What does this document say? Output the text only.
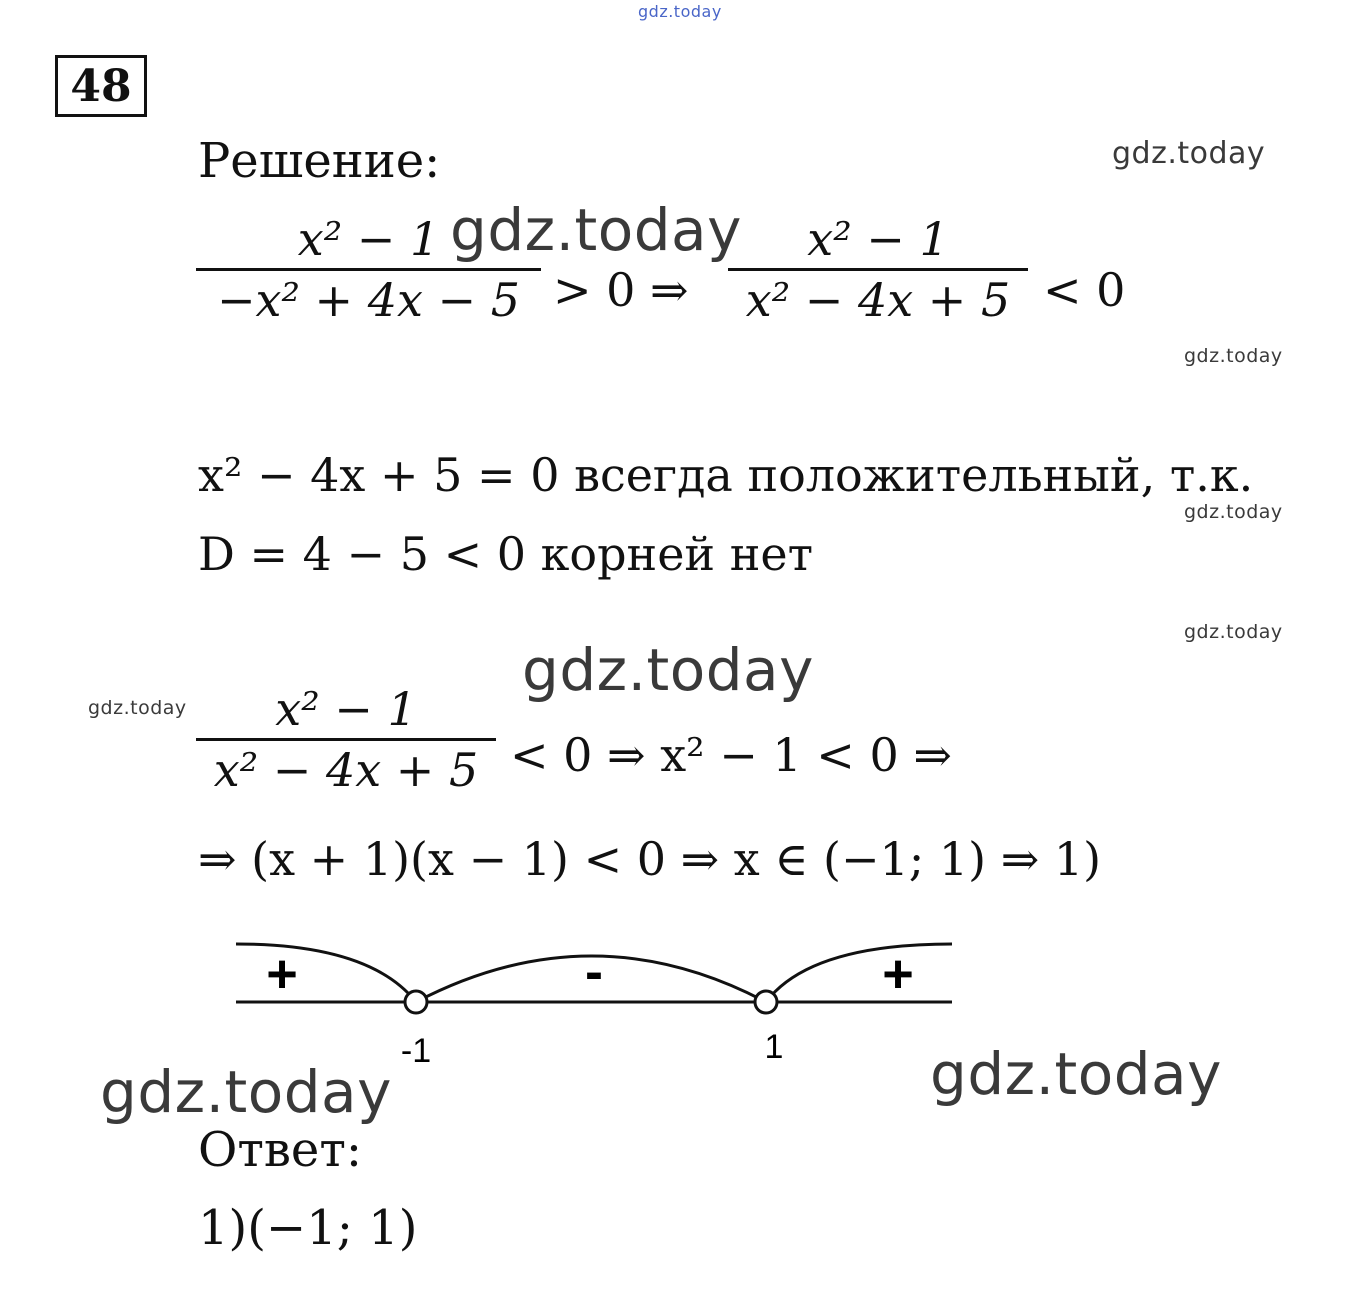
gdz.today
gdz.today
gdz.today
gdz.today
gdz.today
gdz.today
gdz.today
gdz.today
gdz.today	gdz.today
48
Решение:
x² − 1
−x² + 4x − 5 > 0 ⇒
x² − 1
x² − 4x + 5 < 0
x² − 4x + 5 = 0 всегда положительный, т.к.
D = 4 − 5 < 0 корней нет
x² − 1
x² − 4x + 5 < 0 ⇒ x² − 1 < 0 ⇒
⇒ (x + 1)(x − 1) < 0 ⇒ x ∈ (−1; 1) ⇒ 1)
+	-	+
-1	1
Ответ:
1)(−1; 1)
